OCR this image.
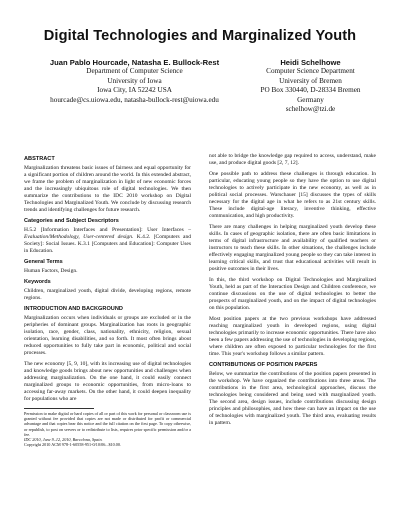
Digital Technologies and Marginalized Youth
Juan Pablo Hourcade, Natasha E. Bullock-Rest
Department of Computer Science
University of Iowa
Iowa City, IA 52242 USA
hourcade@cs.uiowa.edu, natasha-bullock-rest@uiowa.edu
Heidi Schelhowe
Computer Science Department
University of Bremen
PO Box 330440, D-28334 Bremen
Germany
schelhow@tzi.de
ABSTRACT

Marginalization threatens basic issues of fairness and equal opportunity for a significant portion of children around the world. In this extended abstract, we frame the problem of marginalization in light of new economic forces and the increasingly ubiquitous role of digital technologies. We then summarize the contributions to the IDC 2010 workshop on Digital Technologies and Marginalized Youth. We conclude by discussing research trends and identifying challenges for future research.

Categories and Subject Descriptors

H.5.2 [Information Interfaces and Presentation]: User Interfaces – Evaluation/Methodology, User-centered design. K.4.2. [Computers and Society]: Social Issues. K.3.1 [Computers and Education]: Computer Uses in Education.

General Terms

Human Factors, Design.

Keywords

Children, marginalized youth, digital divide, developing regions, remote regions.

INTRODUCTION AND BACKGROUND

Marginalization occurs when individuals or groups are excluded or in the peripheries of dominant groups. Marginalization has roots in geographic isolation, race, gender, class, nationality, ethnicity, religion, sexual orientation, learning disabilities, and so forth. It most often brings about reduced opportunities to fully take part in economic, political and social processes.

The new economy [5, 9, 10], with its increasing use of digital technologies and knowledge goods brings about new opportunities and challenges when addressing marginalization. On the one hand, it could easily connect marginalized groups to economic opportunities, from micro-loans to accessing far-away markets. On the other hand, it could deepen inequality for populations who are

Permission to make digital or hard copies of all or part of this work for personal or classroom use is granted without fee provided that copies are not made or distributed for profit or commercial advantage and that copies bear this notice and the full citation on the first page. To copy otherwise, or republish, to post on servers or to redistribute to lists, requires prior specific permission and/or a fee.

IDC 2010, June 9–12, 2010, Barcelona, Spain.

Copyright 2010 ACM 978-1-60558-951-0/10/06...$10.00.

not able to bridge the knowledge gap required to access, understand, make use, and produce digital goods [2, 7, 12].

One possible path to address these challenges is through education. In particular, educating young people so they have the option to use digital technologies to actively participate in the new economy, as well as in political social processes. Warschauer [15] discusses the types of skills necessary for the digital age in what he refers to as 21st century skills. These include digital-age literacy, inventive thinking, effective communication, and high productivity.

There are many challenges in helping marginalized youth develop these skills. In cases of geographic isolation, there are often basic limitations in terms of digital infrastructure and availability of qualified teachers or instructors to teach these skills. In other situations, the challenges include effectively engaging marginalized young people so they can take interest in learning critical skills, and trust that educational activities will result in positive outcomes in their lives.

In this, the third workshop on Digital Technologies and Marginalized Youth, held as part of the Interaction Design and Children conference, we continue discussions on the use of digital technologies to better the prospects of marginalized youth, and on the impact of digital technologies on this population.

Most position papers at the two previous workshops have addressed reaching marginalized youth in developed regions, using digital technologies primarily to increase economic opportunities. There have also been a few papers addressing the use of technologies in developing regions, where children are often exposed to particular technologies for the first time. This year's workshop follows a similar pattern.

CONTRIBUTIONS OF POSITION PAPERS

Below, we summarize the contributions of the position papers presented in the workshop. We have organized the contributions into three areas. The contributions in the first area, technological approaches, discuss the technologies being considered and being used with marginalized youth. The second area, design issues, include contributions discussing design principles and philosophies, and how these can have an impact on the use of technologies with marginalized youth. The third area, evaluating results in pattern.
